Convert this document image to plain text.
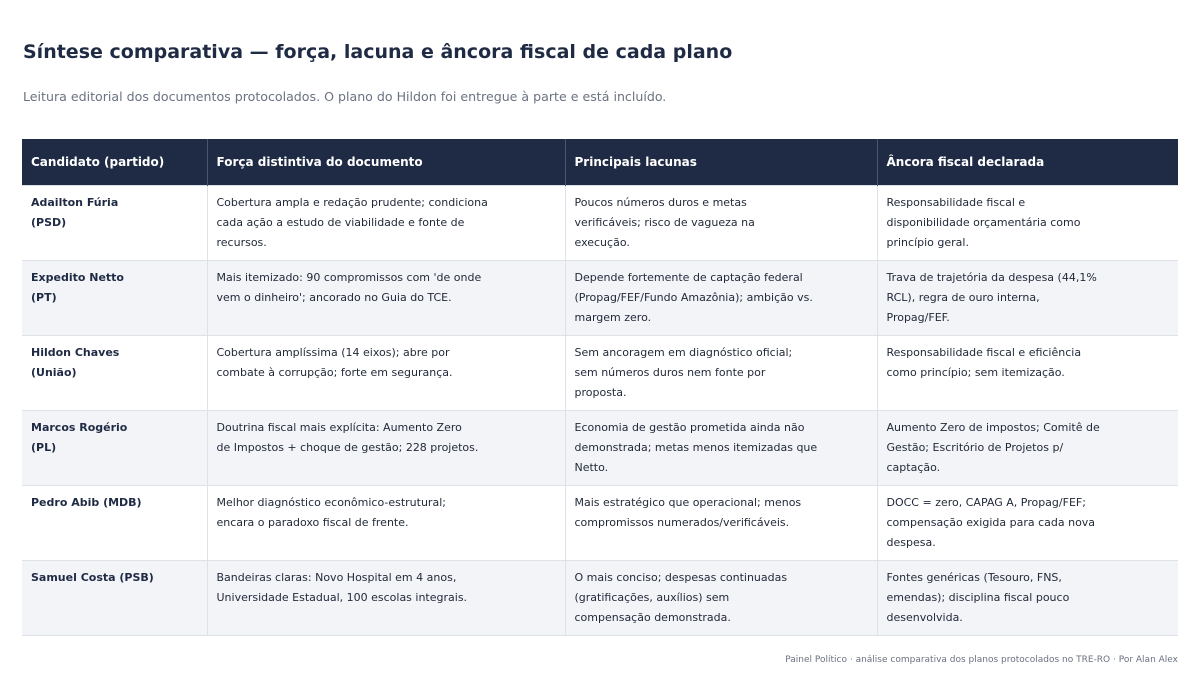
Síntese comparativa — força, lacuna e âncora fiscal de cada plano

Leitura editorial dos documentos protocolados. O plano do Hildon foi entregue à parte e está incluído.

Candidato (partido)	Força distintiva do documento	Principais lacunas	Âncora fiscal declarada

Adailton Fúria
(PSD)	Cobertura ampla e redação prudente; condiciona
cada ação a estudo de viabilidade e fonte de
recursos.	Poucos números duros e metas
verificáveis; risco de vagueza na
execução.	Responsabilidade fiscal e
disponibilidade orçamentária como
princípio geral.

Expedito Netto
(PT)	Mais itemizado: 90 compromissos com 'de onde
vem o dinheiro'; ancorado no Guia do TCE.	Depende fortemente de captação federal
(Propag/FEF/Fundo Amazônia); ambição vs.
margem zero.	Trava de trajetória da despesa (44,1%
RCL), regra de ouro interna,
Propag/FEF.

Hildon Chaves
(União)	Cobertura amplíssima (14 eixos); abre por
combate à corrupção; forte em segurança.	Sem ancoragem em diagnóstico oficial;
sem números duros nem fonte por
proposta.	Responsabilidade fiscal e eficiência
como princípio; sem itemização.

Marcos Rogério
(PL)	Doutrina fiscal mais explícita: Aumento Zero
de Impostos + choque de gestão; 228 projetos.	Economia de gestão prometida ainda não
demonstrada; metas menos itemizadas que
Netto.	Aumento Zero de impostos; Comitê de
Gestão; Escritório de Projetos p/
captação.

Pedro Abib (MDB)	Melhor diagnóstico econômico-estrutural;
encara o paradoxo fiscal de frente.	Mais estratégico que operacional; menos
compromissos numerados/verificáveis.	DOCC = zero, CAPAG A, Propag/FEF;
compensação exigida para cada nova
despesa.

Samuel Costa (PSB)	Bandeiras claras: Novo Hospital em 4 anos,
Universidade Estadual, 100 escolas integrais.	O mais conciso; despesas continuadas
(gratificações, auxílios) sem
compensação demonstrada.	Fontes genéricas (Tesouro, FNS,
emendas); disciplina fiscal pouco
desenvolvida.

Painel Político · análise comparativa dos planos protocolados no TRE-RO · Por Alan Alex
